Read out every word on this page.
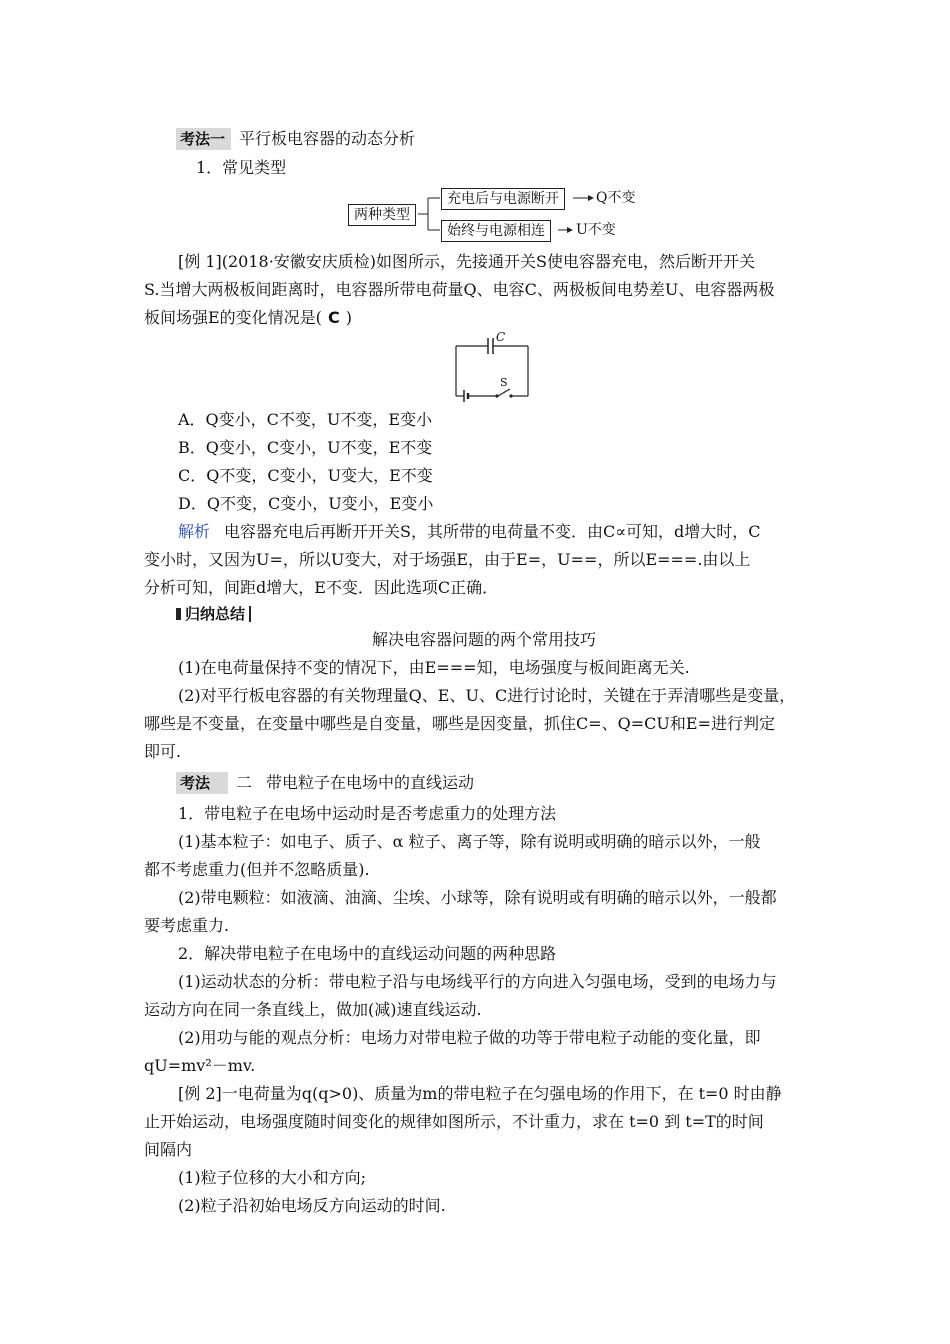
考法一 平行板电容器的动态分析
1．常见类型
两种类型
充电后与电源断开	Q不变
始终与电源相连	U不变
[例 1](2018·安徽安庆质检)如图所示，先接通开关S使电容器充电，然后断开开关
S.当增大两极板间距离时，电容器所带电荷量Q、电容C、两极板间电势差U、电容器两极
板间场强E的变化情况是( C )
C
S
A．Q变小，C不变，U不变，E变小
B．Q变小，C变小，U不变，E不变
C．Q不变，C变小，U变大，E不变
D．Q不变，C变小，U变小，E变小
解析 电容器充电后再断开开关S，其所带的电荷量不变．由C∝可知，d增大时，C
变小时，又因为U=，所以U变大，对于场强E，由于E=，U==，所以E===.由以上
分析可知，间距d增大，E不变．因此选项C正确．
归纳总结
解决电容器问题的两个常用技巧
(1)在电荷量保持不变的情况下，由E===知，电场强度与板间距离无关.
(2)对平行板电容器的有关物理量Q、E、U、C进行讨论时，关键在于弄清哪些是变量，
哪些是不变量，在变量中哪些是自变量，哪些是因变量，抓住C=、Q=CU和E=进行判定
即可.
考法	二 带电粒子在电场中的直线运动
1．带电粒子在电场中运动时是否考虑重力的处理方法
(1)基本粒子：如电子、质子、α 粒子、离子等，除有说明或明确的暗示以外，一般
都不考虑重力(但并不忽略质量).
(2)带电颗粒：如液滴、油滴、尘埃、小球等，除有说明或有明确的暗示以外，一般都
要考虑重力.
2．解决带电粒子在电场中的直线运动问题的两种思路
(1)运动状态的分析：带电粒子沿与电场线平行的方向进入匀强电场，受到的电场力与
运动方向在同一条直线上，做加(减)速直线运动.
(2)用功与能的观点分析：电场力对带电粒子做的功等于带电粒子动能的变化量，即
qU=mv²－mv.
[例 2]一电荷量为q(q>0)、质量为m的带电粒子在匀强电场的作用下，在 t=0 时由静
止开始运动，电场强度随时间变化的规律如图所示，不计重力，求在 t=0 到 t=T的时间
间隔内
(1)粒子位移的大小和方向;
(2)粒子沿初始电场反方向运动的时间.
